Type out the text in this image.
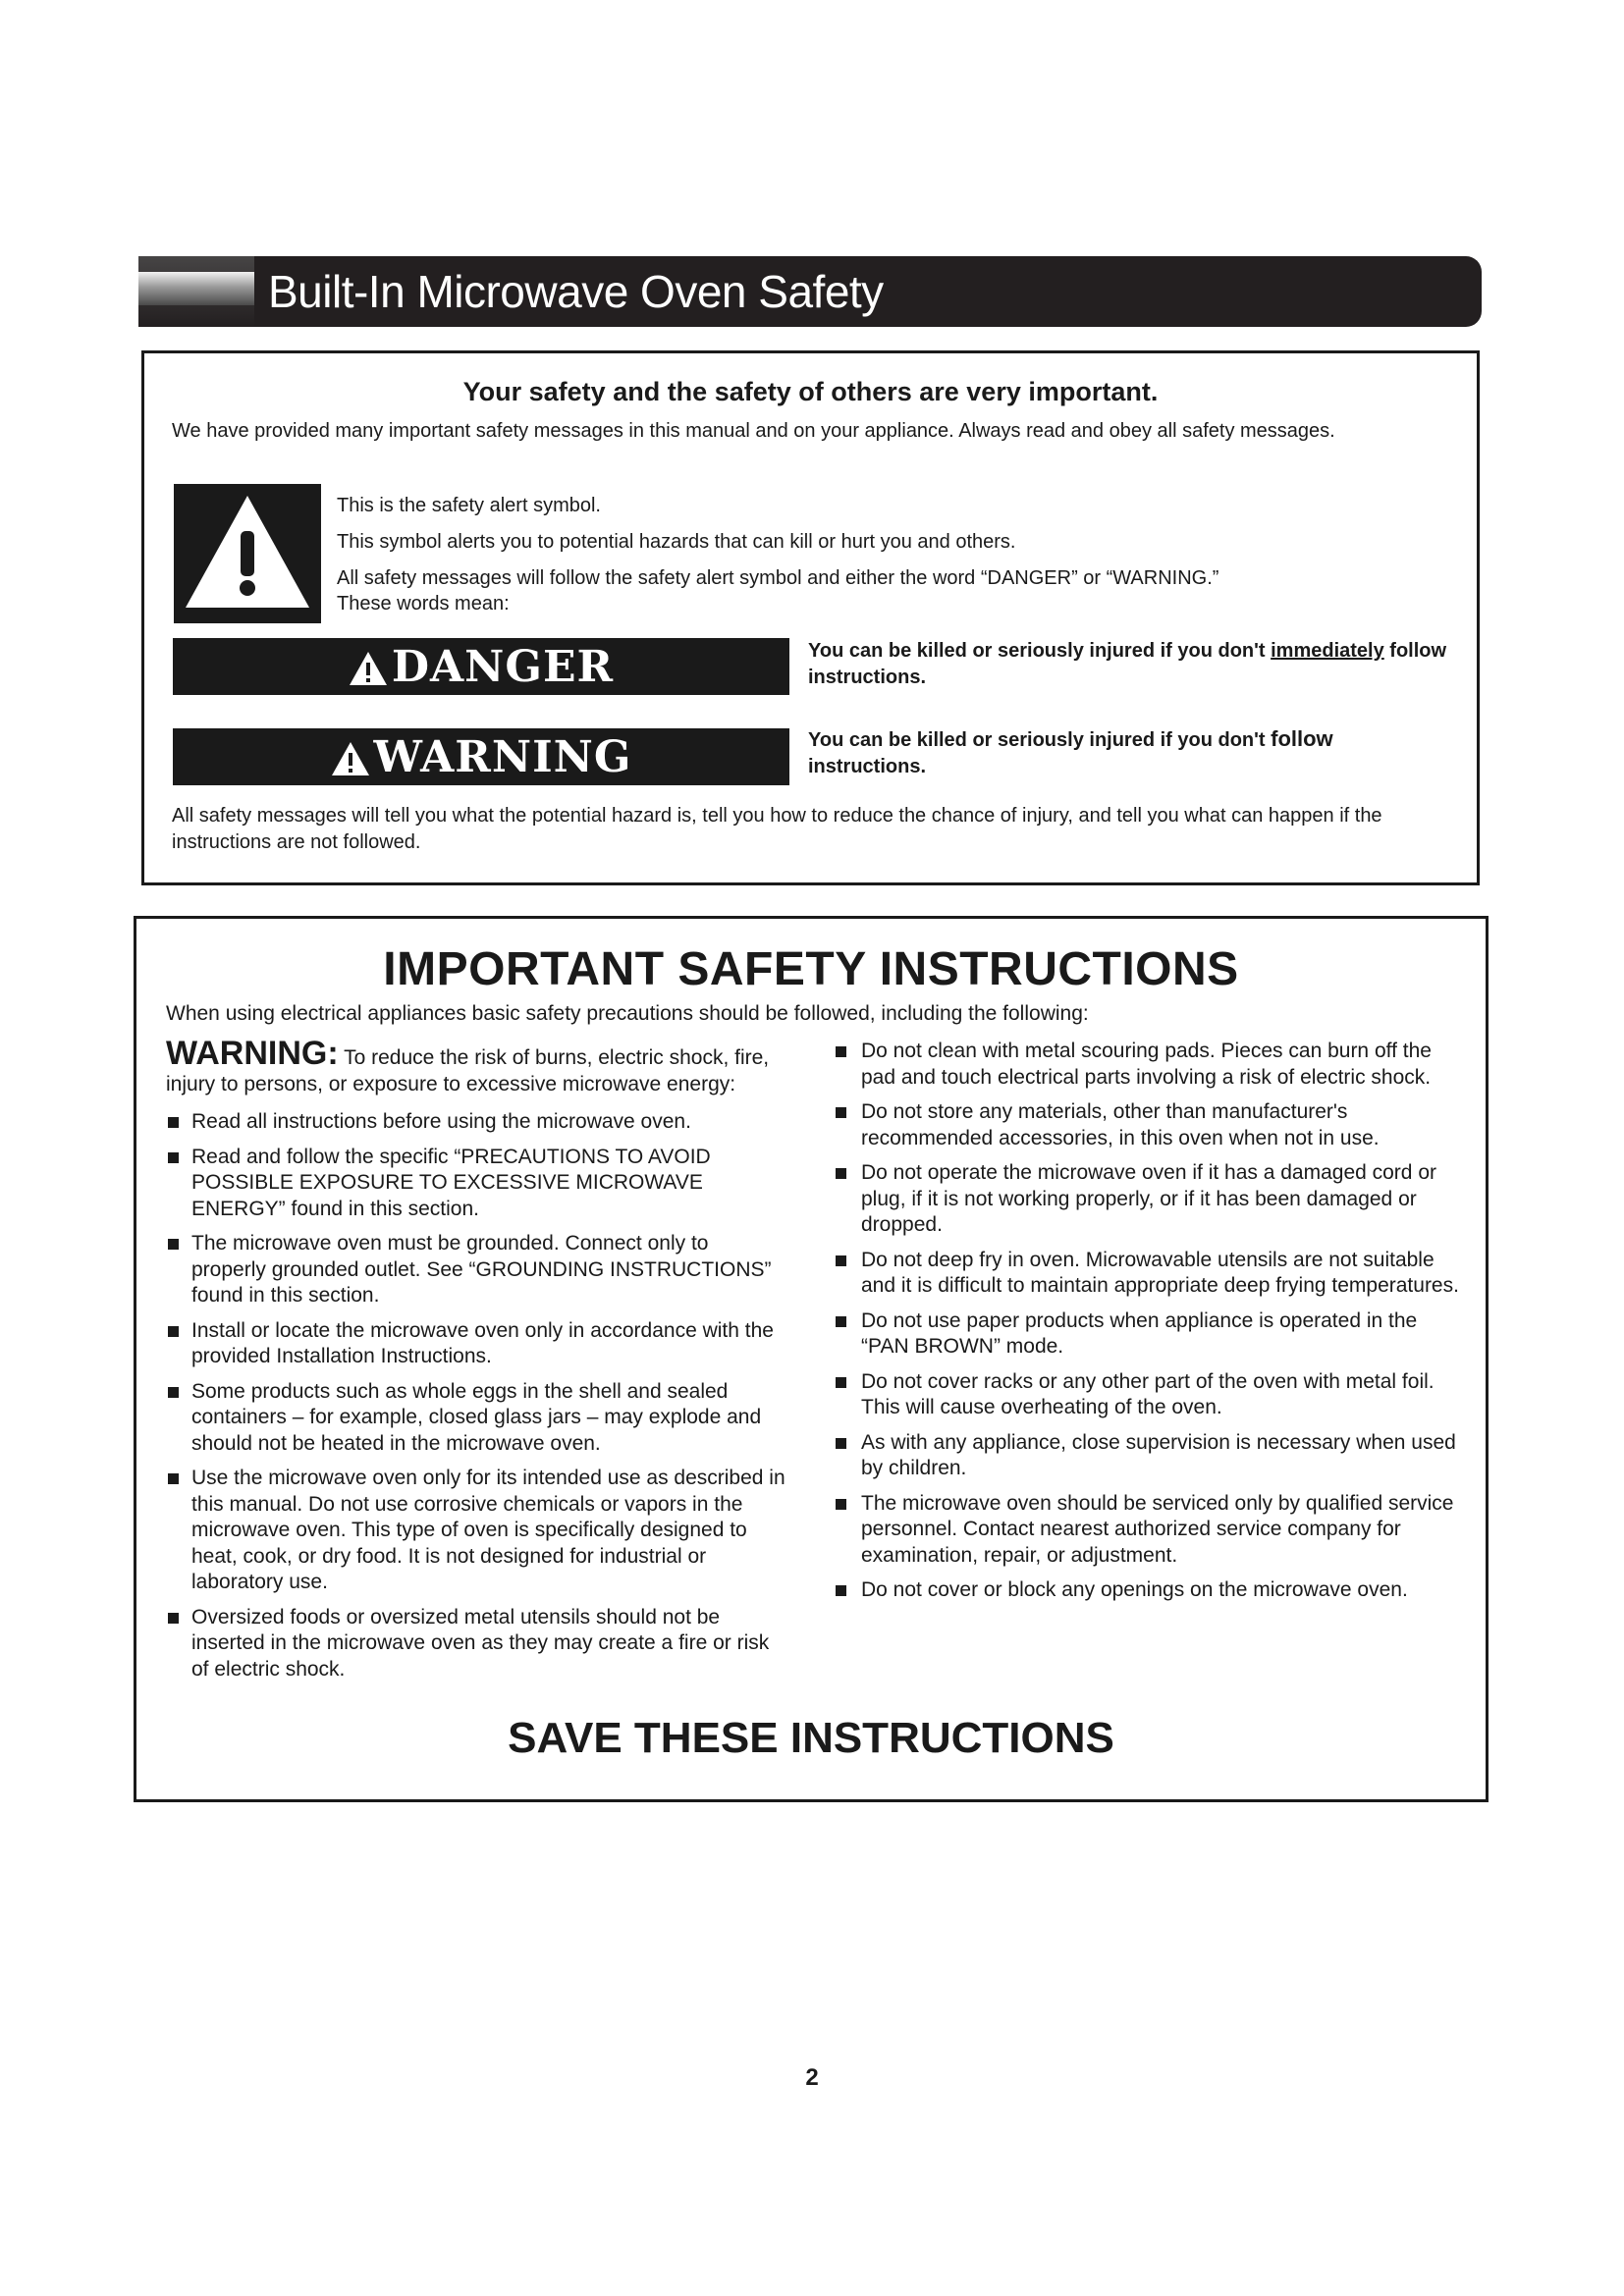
Built-In Microwave Oven Safety
Your safety and the safety of others are very important.
We have provided many important safety messages in this manual and on your appliance. Always read and obey all safety messages.

This is the safety alert symbol.

This symbol alerts you to potential hazards that can kill or hurt you and others.

All safety messages will follow the safety alert symbol and either the word “DANGER” or “WARNING.”

These words mean:

DANGER	You can be killed or seriously injured if you don't immediately follow instructions.
WARNING	You can be killed or seriously injured if you don't follow instructions.
All safety messages will tell you what the potential hazard is, tell you how to reduce the chance of injury, and tell you what can happen if the instructions are not followed.
IMPORTANT SAFETY INSTRUCTIONS
When using electrical appliances basic safety precautions should be followed, including the following:
WARNING: To reduce the risk of burns, electric shock, fire, injury to persons, or exposure to excessive microwave energy:
Read all instructions before using the microwave oven.
Read and follow the specific “PRECAUTIONS TO AVOID POSSIBLE EXPOSURE TO EXCESSIVE MICROWAVE ENERGY” found in this section.
The microwave oven must be grounded. Connect only to properly grounded outlet. See “GROUNDING INSTRUCTIONS” found in this section.
Install or locate the microwave oven only in accordance with the provided Installation Instructions.
Some products such as whole eggs in the shell and sealed containers – for example, closed glass jars – may explode and should not be heated in the microwave oven.
Use the microwave oven only for its intended use as described in this manual. Do not use corrosive chemicals or vapors in the microwave oven. This type of oven is specifically designed to heat, cook, or dry food. It is not designed for industrial or laboratory use.
Oversized foods or oversized metal utensils should not be inserted in the microwave oven as they may create a fire or risk of electric shock.
Do not clean with metal scouring pads. Pieces can burn off the pad and touch electrical parts involving a risk of electric shock.
Do not store any materials, other than manufacturer's recommended accessories, in this oven when not in use.
Do not operate the microwave oven if it has a damaged cord or plug, if it is not working properly, or if it has been damaged or dropped.
Do not deep fry in oven. Microwavable utensils are not suitable and it is difficult to maintain appropriate deep frying temperatures.
Do not use paper products when appliance is operated in the “PAN BROWN” mode.
Do not cover racks or any other part of the oven with metal foil. This will cause overheating of the oven.
As with any appliance, close supervision is necessary when used by children.
The microwave oven should be serviced only by qualified service personnel. Contact nearest authorized service company for examination, repair, or adjustment.
Do not cover or block any openings on the microwave oven.
SAVE THESE INSTRUCTIONS
2
